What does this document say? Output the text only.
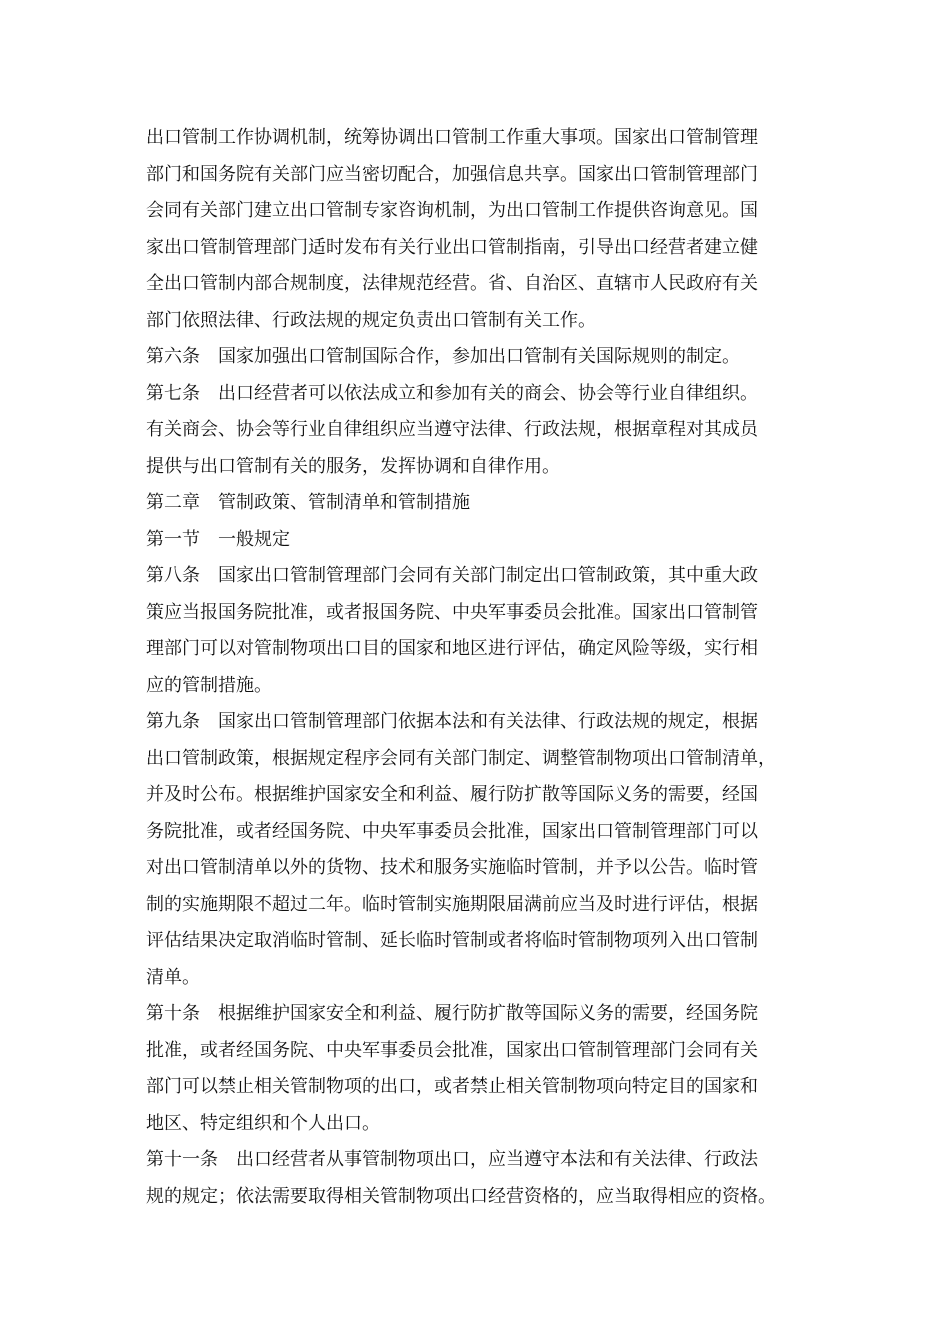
出口管制工作协调机制，统筹协调出口管制工作重大事项。国家出口管制管理
部门和国务院有关部门应当密切配合，加强信息共享。国家出口管制管理部门
会同有关部门建立出口管制专家咨询机制，为出口管制工作提供咨询意见。国
家出口管制管理部门适时发布有关行业出口管制指南，引导出口经营者建立健
全出口管制内部合规制度，法律规范经营。省、自治区、直辖市人民政府有关
部门依照法律、行政法规的规定负责出口管制有关工作。
第六条　国家加强出口管制国际合作，参加出口管制有关国际规则的制定。
第七条　出口经营者可以依法成立和参加有关的商会、协会等行业自律组织。
有关商会、协会等行业自律组织应当遵守法律、行政法规，根据章程对其成员
提供与出口管制有关的服务，发挥协调和自律作用。
第二章　管制政策、管制清单和管制措施
第一节　一般规定
第八条　国家出口管制管理部门会同有关部门制定出口管制政策，其中重大政
策应当报国务院批准，或者报国务院、中央军事委员会批准。国家出口管制管
理部门可以对管制物项出口目的国家和地区进行评估，确定风险等级，实行相
应的管制措施。
第九条　国家出口管制管理部门依据本法和有关法律、行政法规的规定，根据
出口管制政策，根据规定程序会同有关部门制定、调整管制物项出口管制清单，
并及时公布。根据维护国家安全和利益、履行防扩散等国际义务的需要，经国
务院批准，或者经国务院、中央军事委员会批准，国家出口管制管理部门可以
对出口管制清单以外的货物、技术和服务实施临时管制，并予以公告。临时管
制的实施期限不超过二年。临时管制实施期限届满前应当及时进行评估，根据
评估结果决定取消临时管制、延长临时管制或者将临时管制物项列入出口管制
清单。
第十条　根据维护国家安全和利益、履行防扩散等国际义务的需要，经国务院
批准，或者经国务院、中央军事委员会批准，国家出口管制管理部门会同有关
部门可以禁止相关管制物项的出口，或者禁止相关管制物项向特定目的国家和
地区、特定组织和个人出口。
第十一条　出口经营者从事管制物项出口，应当遵守本法和有关法律、行政法
规的规定；依法需要取得相关管制物项出口经营资格的，应当取得相应的资格。
